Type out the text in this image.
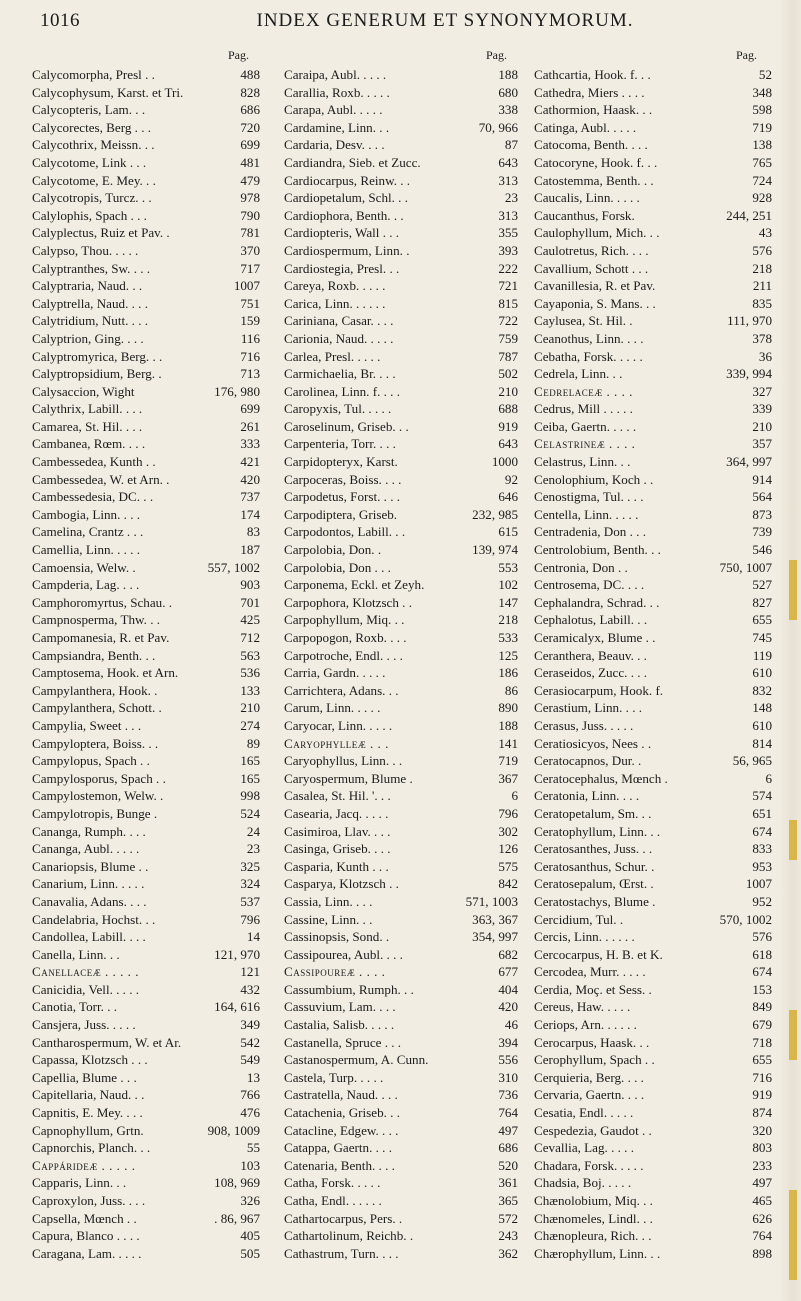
1016	INDEX GENERUM ET SYNONYMORUM.
Pag.	Pag.	Pag.
Calycomorpha, Presl . .	488
Calycophysum, Karst. et Tri.	828
Calycopteris, Lam. . .	686
Calycorectes, Berg . . .	720
Calycothrix, Meissn. . .	699
Calycotome, Link . . .	481
Calycotome, E. Mey. . .	479
Calycotropis, Turcz. . .	978
Calylophis, Spach . . .	790
Calyplectus, Ruiz et Pav. .	781
Calypso, Thou. . . . .	370
Calyptranthes, Sw. . . .	717
Calyptraria, Naud. . .	1007
Calyptrella, Naud. . . .	751
Calytridium, Nutt. . . .	159
Calyptrion, Ging. . . .	116
Calyptromyrica, Berg. . .	716
Calyptropsidium, Berg. .	713
Calysaccion, Wight	176, 980
Calythrix, Labill. . . .	699
Camarea, St. Hil. . . .	261
Cambanea, Rœm. . . .	333
Cambessedea, Kunth . .	421
Cambessedea, W. et Arn. .	420
Cambessedesia, DC. . .	737
Cambogia, Linn. . . .	174
Camelina, Crantz . . .	83
Camellia, Linn. . . . .	187
Camoensia, Welw. .	557, 1002
Campderia, Lag. . . .	903
Camphoromyrtus, Schau. .	701
Campnosperma, Thw. . .	425
Campomanesia, R. et Pav.	712
Campsiandra, Benth. . .	563
Camptosema, Hook. et Arn.	536
Campylanthera, Hook. .	133
Campylanthera, Schott. .	210
Campylia, Sweet . . .	274
Campyloptera, Boiss. . .	89
Campylopus, Spach . .	165
Campylosporus, Spach . .	165
Campylostemon, Welw. .	998
Campylotropis, Bunge .	524
Cananga, Rumph. . . .	24
Cananga, Aubl. . . . .	23
Canariopsis, Blume . .	325
Canarium, Linn. . . . .	324
Canavalia, Adans. . . .	537
Candelabria, Hochst. . .	796
Candollea, Labill. . . .	14
Canella, Linn. . .	121, 970
Canellaceæ . . . . .	121
Canicidia, Vell. . . . .	432
Canotia, Torr. . .	164, 616
Cansjera, Juss. . . . .	349
Cantharospermum, W. et Ar.	542
Capassa, Klotzsch . . .	549
Capellia, Blume . . .	13
Capitellaria, Naud. . .	766
Capnitis, E. Mey. . . .	476
Capnophyllum, Grtn.	908, 1009
Capnorchis, Planch. . .	55
Cappárideæ . . . . .	103
Capparis, Linn. . .	108, 969
Caproxylon, Juss. . . .	326
Capsella, Mœnch . .	. 86, 967
Capura, Blanco . . . .	405
Caragana, Lam. . . . .	505
Caraipa, Aubl. . . . .	188
Carallia, Roxb. . . . .	680
Carapa, Aubl. . . . .	338
Cardamine, Linn. . .	70, 966
Cardaria, Desv. . . .	87
Cardiandra, Sieb. et Zucc.	643
Cardiocarpus, Reinw. . .	313
Cardiopetalum, Schl. . .	23
Cardiophora, Benth. . .	313
Cardiopteris, Wall . . .	355
Cardiospermum, Linn. .	393
Cardiostegia, Presl. . .	222
Careya, Roxb. . . . .	721
Carica, Linn. . . . . .	815
Cariniana, Casar. . . .	722
Carionia, Naud. . . . .	759
Carlea, Presl. . . . .	787
Carmichaelia, Br. . . .	502
Carolinea, Linn. f. . . .	210
Caropyxis, Tul. . . . .	688
Caroselinum, Griseb. . .	919
Carpenteria, Torr. . . .	643
Carpidopteryx, Karst.	1000
Carpoceras, Boiss. . . .	92
Carpodetus, Forst. . . .	646
Carpodiptera, Griseb.	232, 985
Carpodontos, Labill. . .	615
Carpolobia, Don. .	139, 974
Carpolobia, Don . . .	553
Carponema, Eckl. et Zeyh.	102
Carpophora, Klotzsch . .	147
Carpophyllum, Miq. . .	218
Carpopogon, Roxb. . . .	533
Carpotroche, Endl. . . .	125
Carria, Gardn. . . . .	186
Carrichtera, Adans. . .	86
Carum, Linn. . . . .	890
Caryocar, Linn. . . . .	188
Caryophylleæ . . .	141
Caryophyllus, Linn. . .	719
Caryospermum, Blume .	367
Casalea, St. Hil. '. . .	6
Casearia, Jacq. . . . .	796
Casimiroa, Llav. . . .	302
Casinga, Griseb. . . .	126
Casparia, Kunth . . .	575
Casparya, Klotzsch . .	842
Cassia, Linn. . . .	571, 1003
Cassine, Linn. . .	363, 367
Cassinopsis, Sond. .	354, 997
Cassipourea, Aubl. . . .	682
Cassipoureæ . . . .	677
Cassumbium, Rumph. . .	404
Cassuvium, Lam. . . .	420
Castalia, Salisb. . . . .	46
Castanella, Spruce . . .	394
Castanospermum, A. Cunn.	556
Castela, Turp. . . . .	310
Castratella, Naud. . . .	736
Catachenia, Griseb. . .	764
Catacline, Edgew. . . .	497
Catappa, Gaertn. . . .	686
Catenaria, Benth. . . .	520
Catha, Forsk. . . . .	361
Catha, Endl. . . . . .	365
Cathartocarpus, Pers. .	572
Cathartolinum, Reichb. .	243
Cathastrum, Turn. . . .	362
Cathcartia, Hook. f. . .	52
Cathedra, Miers . . . .	348
Cathormion, Haask. . .	598
Catinga, Aubl. . . . .	719
Catocoma, Benth. . . .	138
Catocoryne, Hook. f. . .	765
Catostemma, Benth. . .	724
Caucalis, Linn. . . . .	928
Caucanthus, Forsk.	244, 251
Caulophyllum, Mich. . .	43
Caulotretus, Rich. . . .	576
Cavallium, Schott . . .	218
Cavanillesia, R. et Pav.	211
Cayaponia, S. Mans. . .	835
Caylusea, St. Hil. .	111, 970
Ceanothus, Linn. . . .	378
Cebatha, Forsk. . . . .	36
Cedrela, Linn. . .	339, 994
Cedrelaceæ . . . .	327
Cedrus, Mill . . . . .	339
Ceiba, Gaertn. . . . .	210
Celastrineæ . . . .	357
Celastrus, Linn. . .	364, 997
Cenolophium, Koch . .	914
Cenostigma, Tul. . . .	564
Centella, Linn. . . . .	873
Centradenia, Don . . .	739
Centrolobium, Benth. . .	546
Centronia, Don . .	750, 1007
Centrosema, DC. . . .	527
Cephalandra, Schrad. . .	827
Cephalotus, Labill. . .	655
Ceramicalyx, Blume . .	745
Ceranthera, Beauv. . .	119
Ceraseidos, Zucc. . . .	610
Cerasiocarpum, Hook. f.	832
Cerastium, Linn. . . .	148
Cerasus, Juss. . . . .	610
Ceratiosicyos, Nees . .	814
Ceratocapnos, Dur. .	56, 965
Ceratocephalus, Mœnch .	6
Ceratonia, Linn. . . .	574
Ceratopetalum, Sm. . .	651
Ceratophyllum, Linn. . .	674
Ceratosanthes, Juss. . .	833
Ceratosanthus, Schur. .	953
Ceratosepalum, Œrst. .	1007
Ceratostachys, Blume .	952
Cercidium, Tul. .	570, 1002
Cercis, Linn. . . . . .	576
Cercocarpus, H. B. et K.	618
Cercodea, Murr. . . . .	674
Cerdia, Moç. et Sess. .	153
Cereus, Haw. . . . .	849
Ceriops, Arn. . . . . .	679
Cerocarpus, Haask. . .	718
Cerophyllum, Spach . .	655
Cerquieria, Berg. . . .	716
Cervaria, Gaertn. . . .	919
Cesatia, Endl. . . . .	874
Cespedezia, Gaudot . .	320
Cevallia, Lag. . . . .	803
Chadara, Forsk. . . . .	233
Chadsia, Boj. . . . .	497
Chænolobium, Miq. . .	465
Chænomeles, Lindl. . .	626
Chænopleura, Rich. . .	764
Chærophyllum, Linn. . .	898
